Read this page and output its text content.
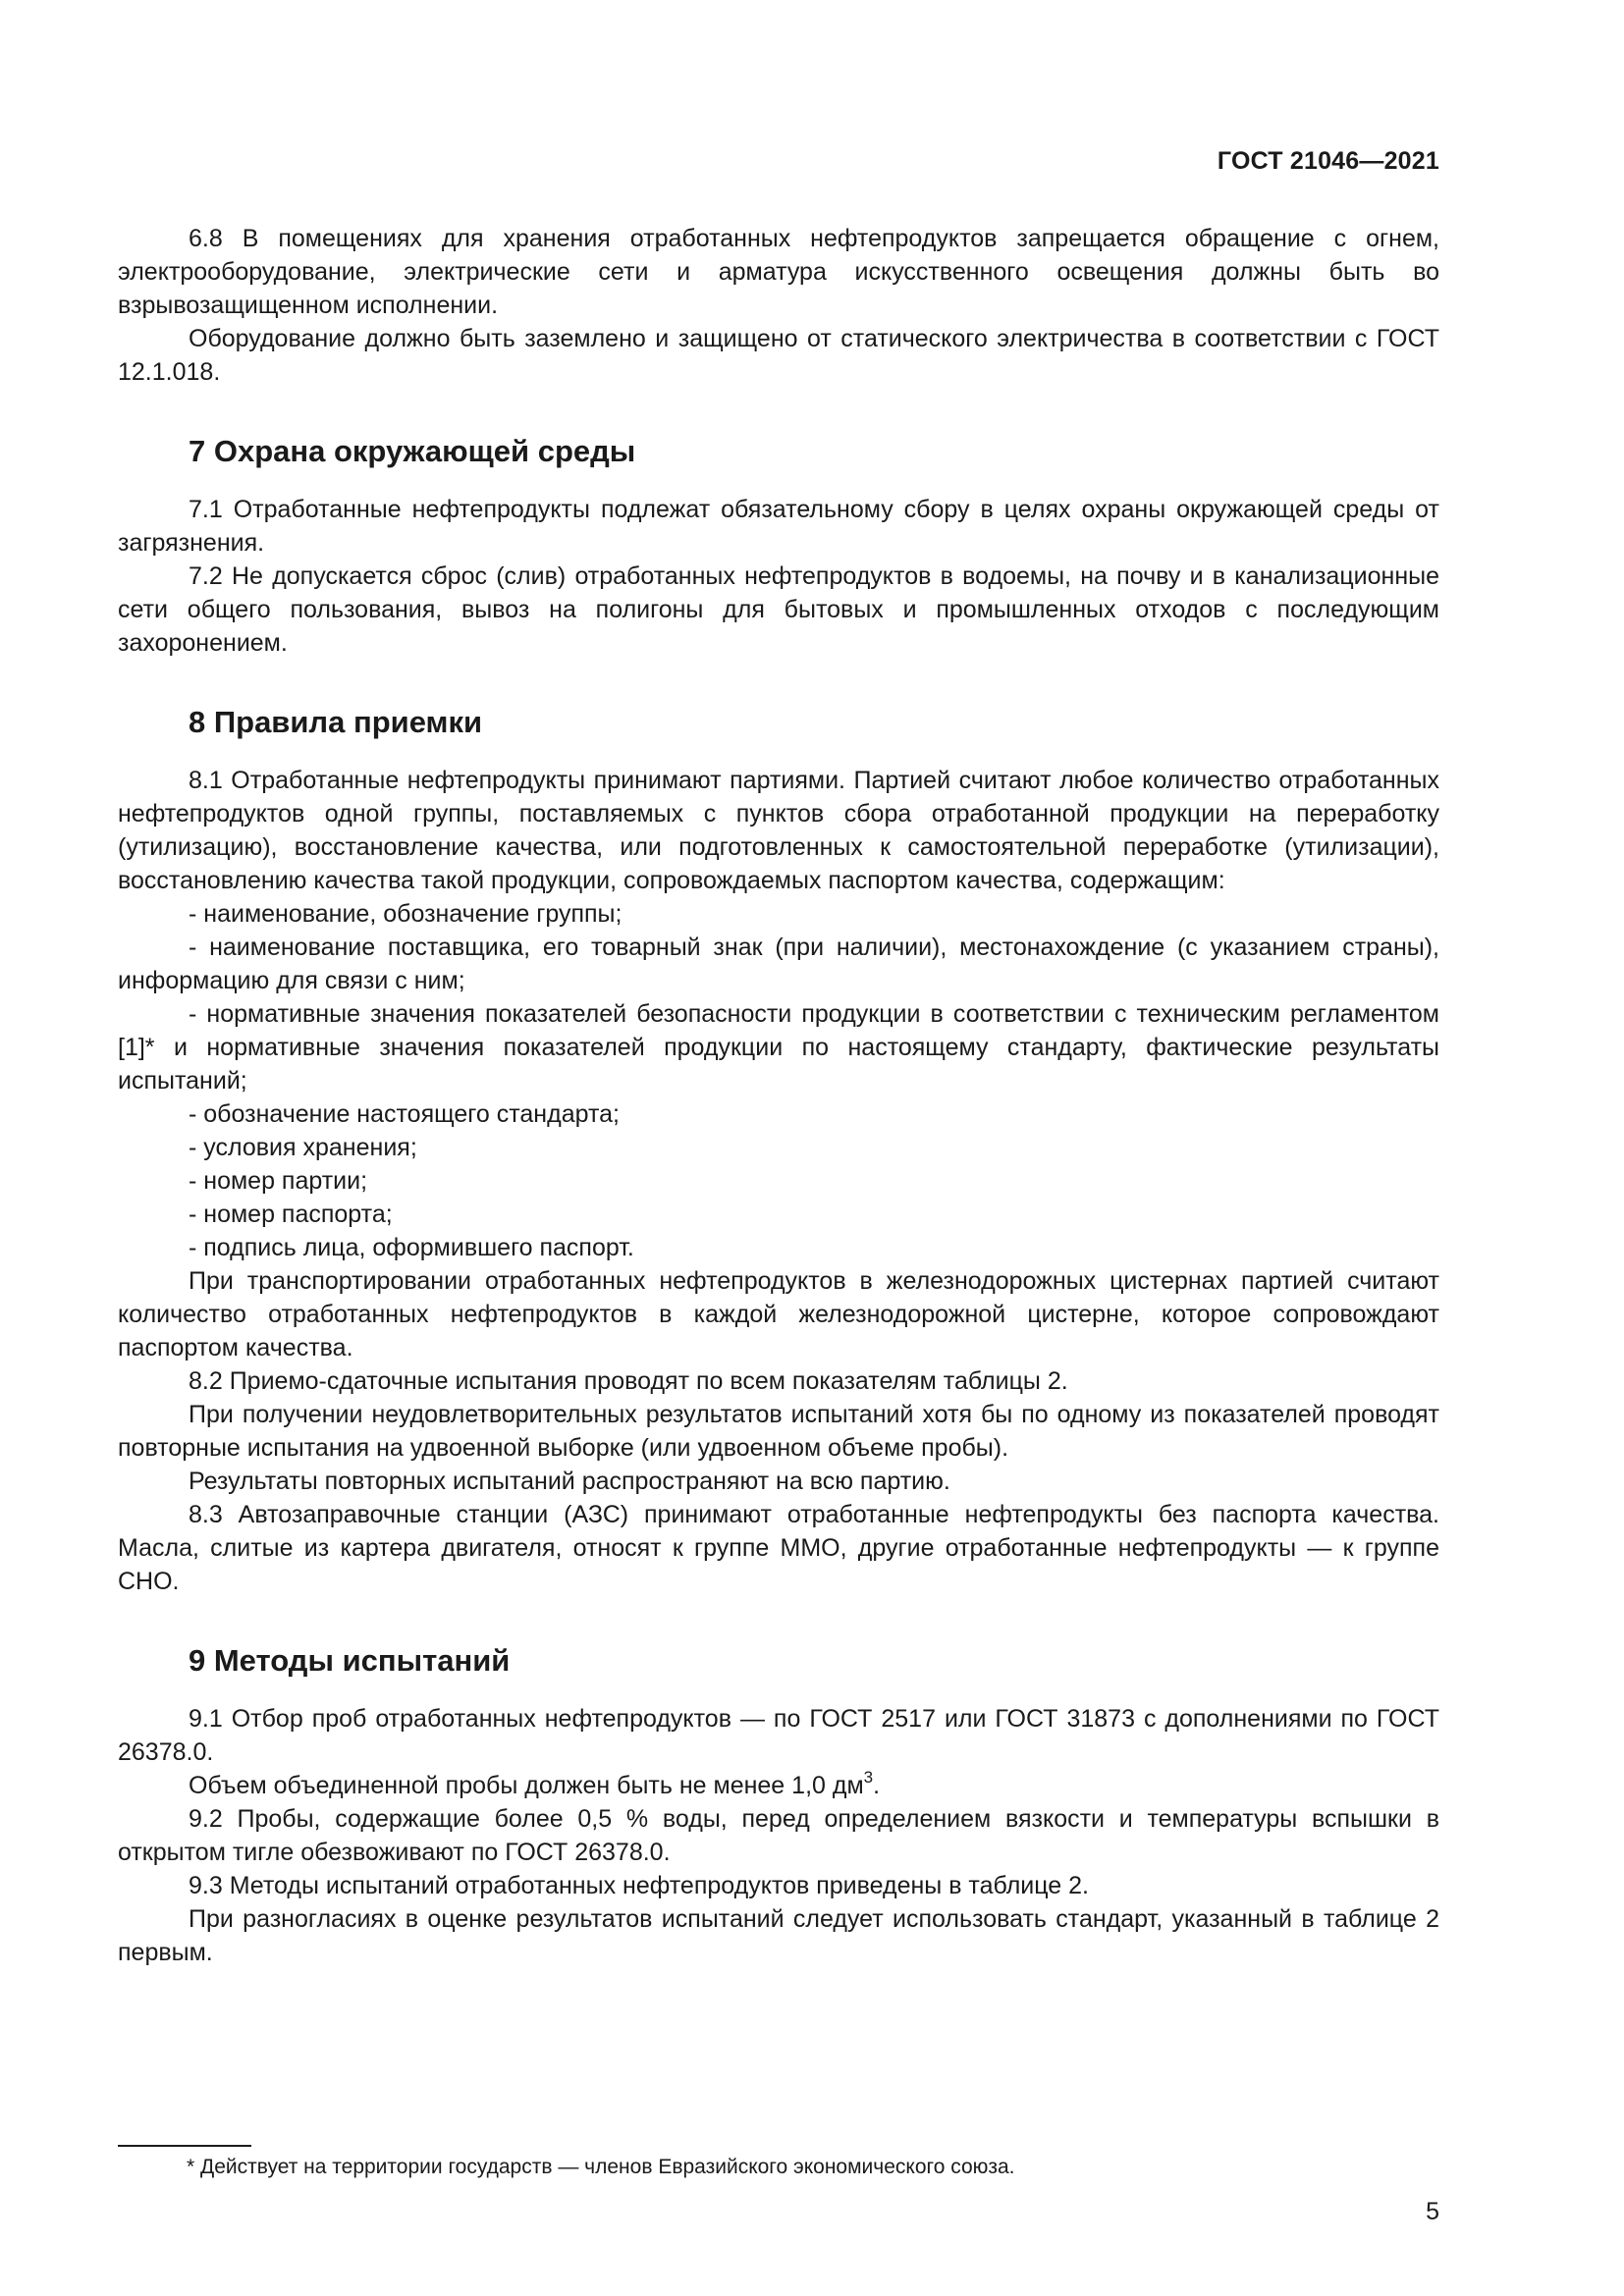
ГОСТ 21046—2021

6.8 В помещениях для хранения отработанных нефтепродуктов запрещается обращение с огнем, электрооборудование, электрические сети и арматура искусственного освещения должны быть во взрывозащищенном исполнении.

Оборудование должно быть заземлено и защищено от статического электричества в соответствии с ГОСТ 12.1.018.

7 Охрана окружающей среды

7.1 Отработанные нефтепродукты подлежат обязательному сбору в целях охраны окружающей среды от загрязнения.

7.2 Не допускается сброс (слив) отработанных нефтепродуктов в водоемы, на почву и в канализационные сети общего пользования, вывоз на полигоны для бытовых и промышленных отходов с последующим захоронением.

8 Правила приемки

8.1 Отработанные нефтепродукты принимают партиями. Партией считают любое количество отработанных нефтепродуктов одной группы, поставляемых с пунктов сбора отработанной продукции на переработку (утилизацию), восстановление качества, или подготовленных к самостоятельной переработке (утилизации), восстановлению качества такой продукции, сопровождаемых паспортом качества, содержащим:

- наименование, обозначение группы;

- наименование поставщика, его товарный знак (при наличии), местонахождение (с указанием страны), информацию для связи с ним;

- нормативные значения показателей безопасности продукции в соответствии с техническим регламентом [1]* и нормативные значения показателей продукции по настоящему стандарту, фактические результаты испытаний;

- обозначение настоящего стандарта;

- условия хранения;

- номер партии;

- номер паспорта;

- подпись лица, оформившего паспорт.

При транспортировании отработанных нефтепродуктов в железнодорожных цистернах партией считают количество отработанных нефтепродуктов в каждой железнодорожной цистерне, которое сопровождают паспортом качества.

8.2 Приемо-сдаточные испытания проводят по всем показателям таблицы 2.

При получении неудовлетворительных результатов испытаний хотя бы по одному из показателей проводят повторные испытания на удвоенной выборке (или удвоенном объеме пробы).

Результаты повторных испытаний распространяют на всю партию.

8.3 Автозаправочные станции (АЗС) принимают отработанные нефтепродукты без паспорта качества. Масла, слитые из картера двигателя, относят к группе ММО, другие отработанные нефтепродукты — к группе СНО.

9 Методы испытаний

9.1 Отбор проб отработанных нефтепродуктов — по ГОСТ 2517 или ГОСТ 31873 с дополнениями по ГОСТ 26378.0.

Объем объединенной пробы должен быть не менее 1,0 $дм^3$.

9.2 Пробы, содержащие более 0,5 % воды, перед определением вязкости и температуры вспышки в открытом тигле обезвоживают по ГОСТ 26378.0.

9.3 Методы испытаний отработанных нефтепродуктов приведены в таблице 2.

При разногласиях в оценке результатов испытаний следует использовать стандарт, указанный в таблице 2 первым.

* Действует на территории государств — членов Евразийского экономического союза.
5
